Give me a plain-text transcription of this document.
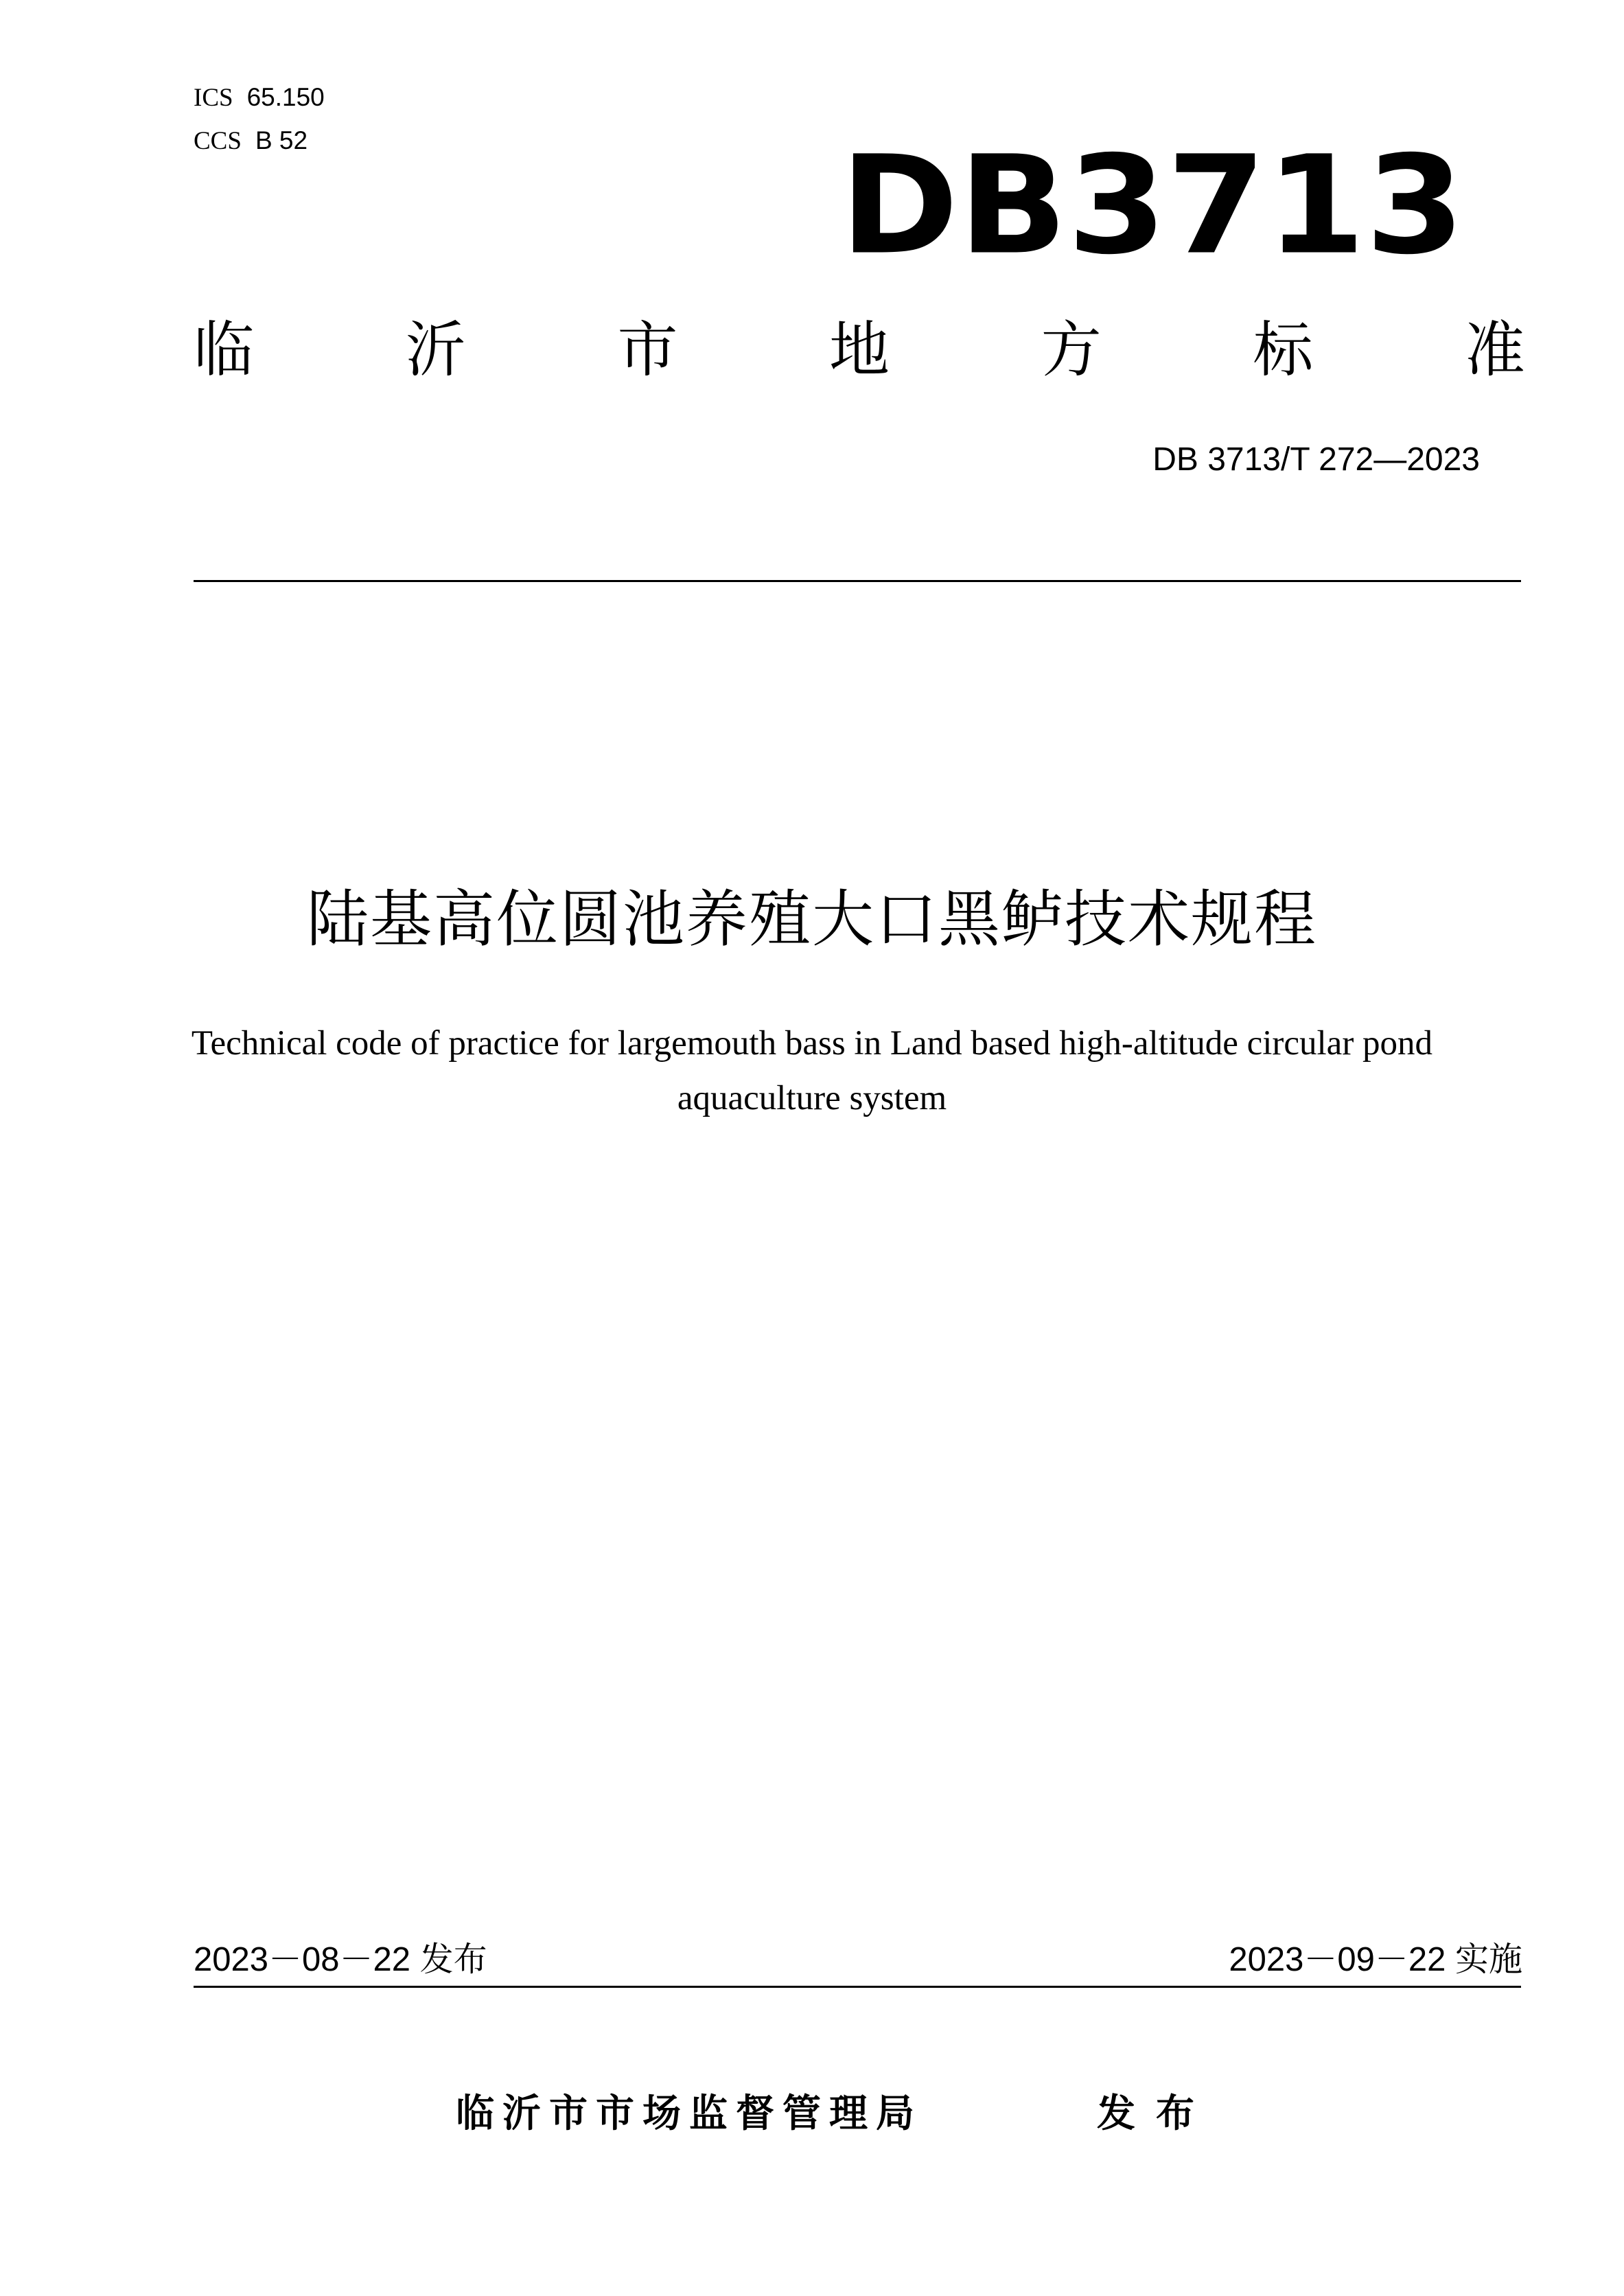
ICS 65.150
CCS B 52	DB3713
临	沂	市	地	方	标	准
DB 3713/T 272—2023
陆基高位圆池养殖大口黑鲈技术规程
Technical code of practice for largemouth bass in Land based high-altitude circular pond aquaculture system
2023－08－22 发布	2023－09－22 实施
临沂市市场监督管理局	发布
